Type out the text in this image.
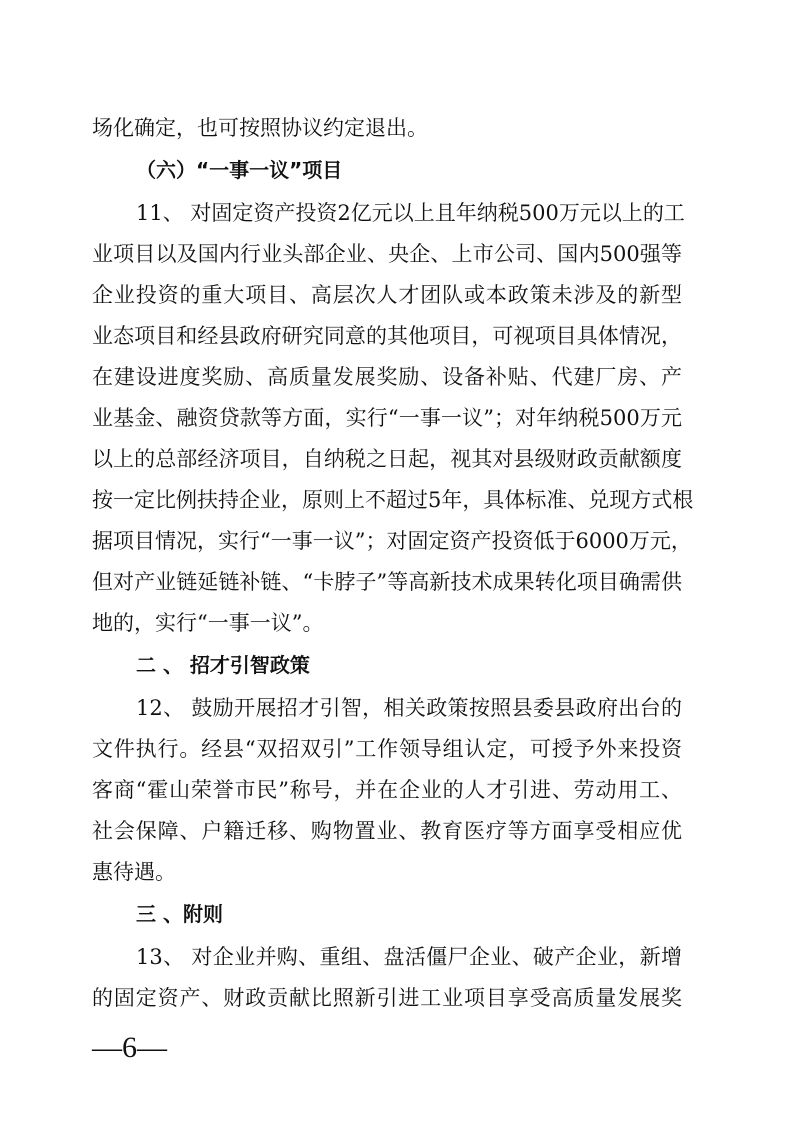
场化确定，也可按照协议约定退出。
（六）“一事一议”项目
11、 对固定资产投资2亿元以上且年纳税500万元以上的工
业项目以及国内行业头部企业、央企、上市公司、国内500强等
企业投资的重大项目、高层次人才团队或本政策未涉及的新型
业态项目和经县政府研究同意的其他项目，可视项目具体情况，
在建设进度奖励、高质量发展奖励、设备补贴、代建厂房、产
业基金、融资贷款等方面，实行“一事一议”；对年纳税500万元
以上的总部经济项目，自纳税之日起，视其对县级财政贡献额度
按一定比例扶持企业，原则上不超过5年，具体标准、兑现方式根
据项目情况，实行“一事一议”；对固定资产投资低于6000万元，
但对产业链延链补链、“卡脖子”等高新技术成果转化项目确需供
地的，实行“一事一议”。
二 、 招才引智政策
12、 鼓励开展招才引智，相关政策按照县委县政府出台的
文件执行。经县“双招双引”工作领导组认定，可授予外来投资
客商“霍山荣誉市民”称号，并在企业的人才引进、劳动用工、
社会保障、户籍迁移、购物置业、教育医疗等方面享受相应优
惠待遇。
三 、附则
13、 对企业并购、重组、盘活僵尸企业、破产企业，新增
的固定资产、财政贡献比照新引进工业项目享受高质量发展奖
—6—
